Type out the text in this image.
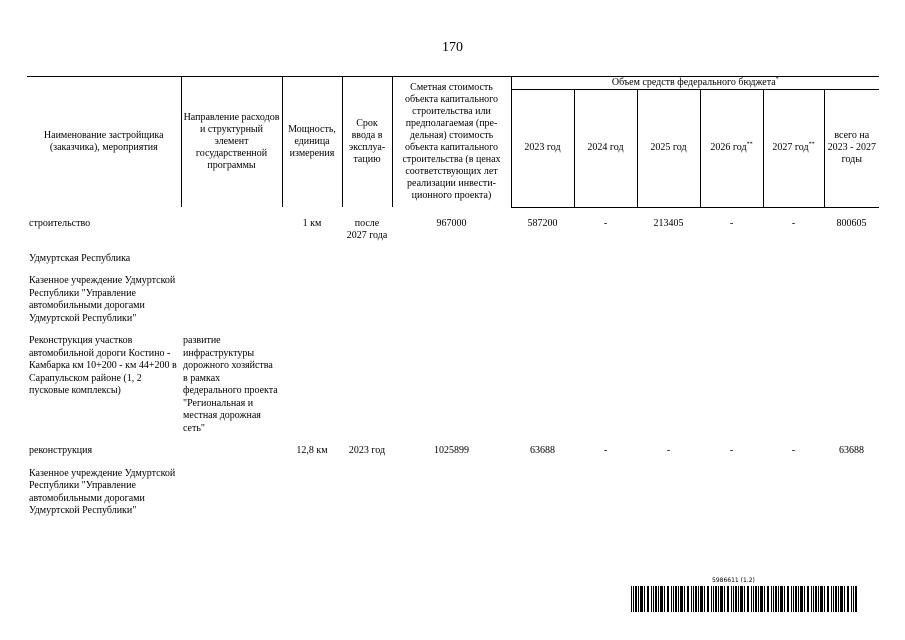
170
Наименование застройщика (заказчика), мероприятия	Направление расходов и структурный элемент государственной программы	Мощность, единица измерения	Срок ввода в эксплуа-тацию	Сметная стоимость объекта капитального строительства или предполагаемая (пре-дельная) стоимость объекта капитального строительства (в ценах соответствующих лет реализации инвести-ционного проекта)	Объем средств федерального бюджета*
					2023 год	2024 год	2025 год	2026 год**	2027 год**	всего на 2023 - 2027 годы

строительство		1 км	после 2027 года	967000	587200	-	213405	-	-	800605

Удмуртская Республика										

Казенное учреждение Удмуртской Республики "Управление автомобильными дорогами Удмуртской Республики"										

Реконструкция участков автомобильной дороги Костино - Камбарка км 10+200 - км 44+200 в Сарапульском районе (1, 2 пусковые комплексы)	развитие инфраструктуры дорожного хозяйства в рамках федерального проекта "Региональная и местная дорожная сеть"									

реконструкция		12,8 км	2023 год	1025899	63688	-	-	-	-	63688

Казенное учреждение Удмуртской Республики "Управление автомобильными дорогами Удмуртской Республики"										
5986611 (1.2)
